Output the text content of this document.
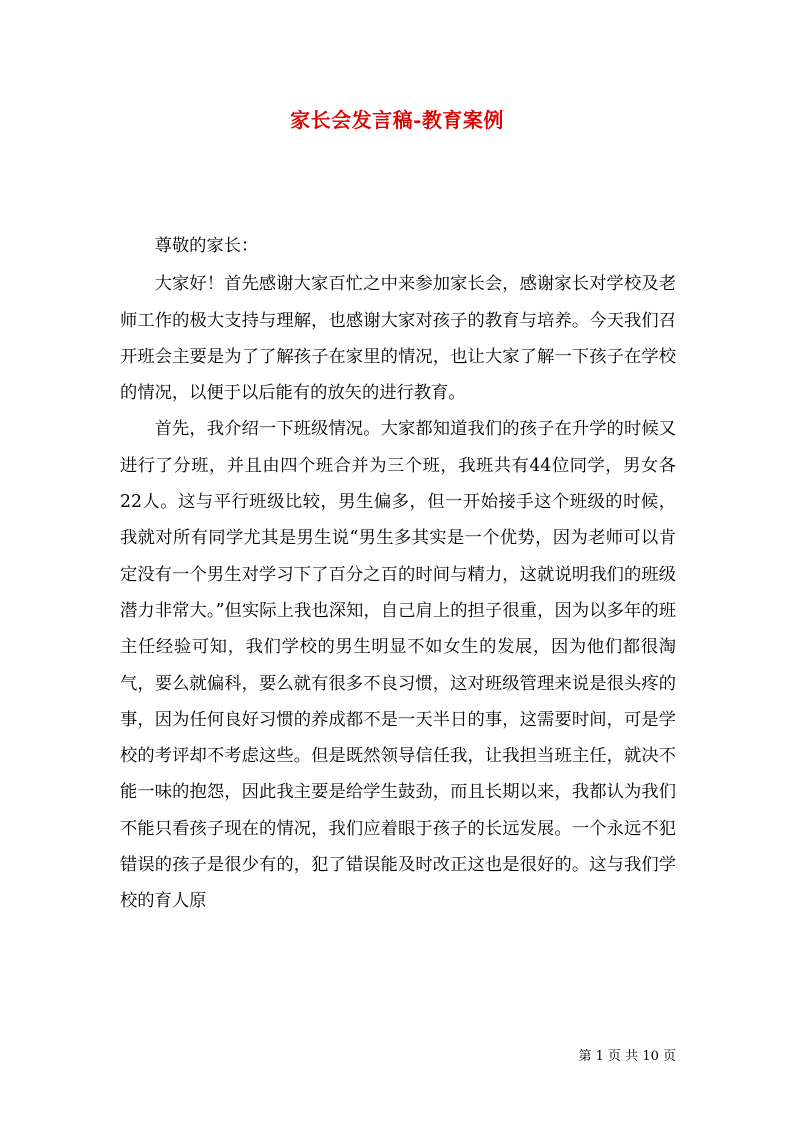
家长会发言稿-教育案例

尊敬的家长：

大家好！首先感谢大家百忙之中来参加家长会，感谢家长对学校及老师工作的极大支持与理解，也感谢大家对孩子的教育与培养。今天我们召开班会主要是为了了解孩子在家里的情况，也让大家了解一下孩子在学校的情况，以便于以后能有的放矢的进行教育。

首先，我介绍一下班级情况。大家都知道我们的孩子在升学的时候又进行了分班，并且由四个班合并为三个班，我班共有44位同学，男女各22人。这与平行班级比较，男生偏多，但一开始接手这个班级的时候，我就对所有同学尤其是男生说“男生多其实是一个优势，因为老师可以肯定没有一个男生对学习下了百分之百的时间与精力，这就说明我们的班级潜力非常大。”但实际上我也深知，自己肩上的担子很重，因为以多年的班主任经验可知，我们学校的男生明显不如女生的发展，因为他们都很淘气，要么就偏科，要么就有很多不良习惯，这对班级管理来说是很头疼的事，因为任何良好习惯的养成都不是一天半日的事，这需要时间，可是学校的考评却不考虑这些。但是既然领导信任我，让我担当班主任，就决不能一味的抱怨，因此我主要是给学生鼓劲，而且长期以来，我都认为我们不能只看孩子现在的情况，我们应着眼于孩子的长远发展。一个永远不犯错误的孩子是很少有的，犯了错误能及时改正这也是很好的。这与我们学校的育人原

第 1 页 共 10 页
